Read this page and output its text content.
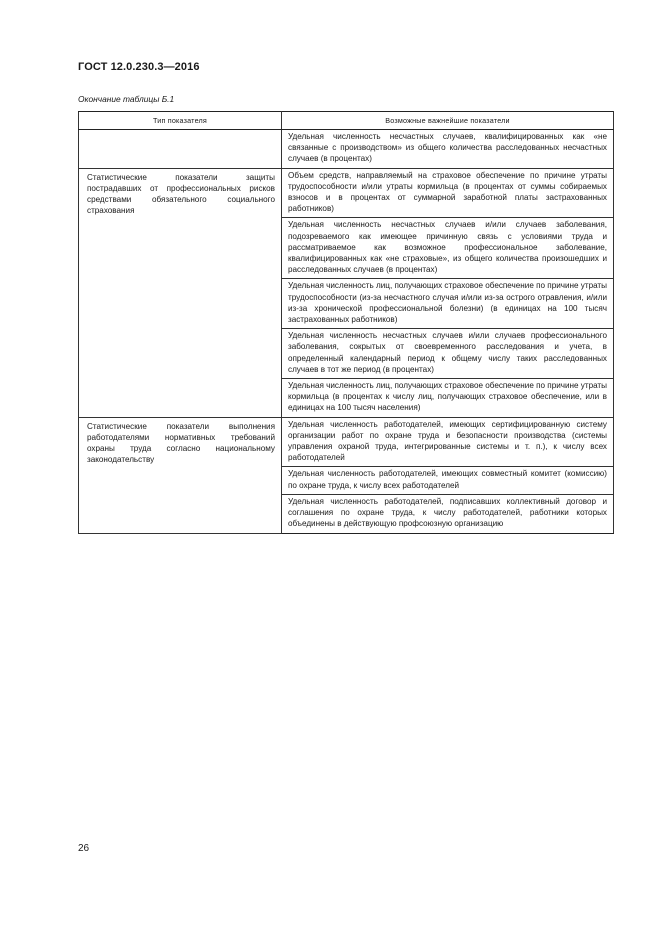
ГОСТ 12.0.230.3—2016
Окончание таблицы Б.1
Тип показателя	Возможные важнейшие показатели
	Удельная численность несчастных случаев, квалифицированных как «не связанные с производством» из общего количества расследованных несчастных случаев (в процентах)
Статистические показатели защиты пострадавших от профессиональных рисков средствами обязательного социального страхования	Объем средств, направляемый на страховое обеспечение по причине утраты трудоспособности и/или утраты кормильца (в процентах от суммы собираемых взносов и в процентах от суммарной заработной платы застрахованных работников)
	Удельная численность несчастных случаев и/или случаев заболевания, подозреваемого как имеющее причинную связь с условиями труда и рассматриваемое как возможное профессиональное заболевание, квалифицированных как «не страховые», из общего количества произошедших и расследованных случаев (в процентах)
	Удельная численность лиц, получающих страховое обеспечение по причине утраты трудоспособности (из-за несчастного случая и/или из-за острого отравления, и/или из-за хронической профессиональной болезни) (в единицах на 100 тысяч застрахованных работников)
	Удельная численность несчастных случаев и/или случаев профессионального заболевания, сокрытых от своевременного расследования и учета, в определенный календарный период к общему числу таких расследованных случаев в тот же период (в процентах)
	Удельная численность лиц, получающих страховое обеспечение по причине утраты кормильца (в процентах к числу лиц, получающих страховое обеспечение, или в единицах на 100 тысяч населения)
Статистические показатели выполнения работодателями нормативных требований охраны труда согласно национальному законодательству	Удельная численность работодателей, имеющих сертифицированную систему организации работ по охране труда и безопасности производства (системы управления охраной труда, интегрированные системы и т. п.), к числу всех работодателей
	Удельная численность работодателей, имеющих совместный комитет (комиссию) по охране труда, к числу всех работодателей
	Удельная численность работодателей, подписавших коллективный договор и соглашения по охране труда, к числу работодателей, работники которых объединены в действующую профсоюзную организацию
26
